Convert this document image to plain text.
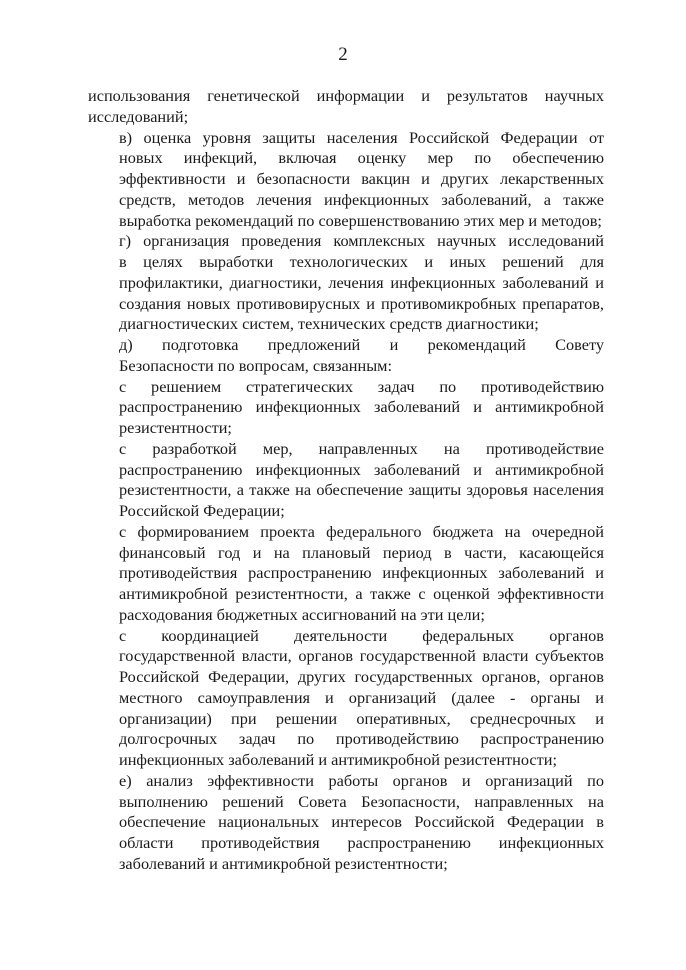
2

использования генетической информации и результатов научных
исследований;

в) оценка уровня защиты населения Российской Федерации от
новых инфекций, включая оценку мер по обеспечению
эффективности и безопасности вакцин и других лекарственных
средств, методов лечения инфекционных заболеваний, а также
выработка рекомендаций по совершенствованию этих мер и методов;

г) организация проведения комплексных научных исследований
в целях выработки технологических и иных решений для
профилактики, диагностики, лечения инфекционных заболеваний и
создания новых противовирусных и противомикробных препаратов,
диагностических систем, технических средств диагностики;

д) подготовка предложений и рекомендаций Совету
Безопасности по вопросам, связанным:

с решением стратегических задач по противодействию
распространению инфекционных заболеваний и антимикробной
резистентности;

с разработкой мер, направленных на противодействие
распространению инфекционных заболеваний и антимикробной
резистентности, а также на обеспечение защиты здоровья населения
Российской Федерации;

с формированием проекта федерального бюджета на очередной
финансовый год и на плановый период в части, касающейся
противодействия распространению инфекционных заболеваний и
антимикробной резистентности, а также с оценкой эффективности
расходования бюджетных ассигнований на эти цели;

с координацией деятельности федеральных органов
государственной власти, органов государственной власти субъектов
Российской Федерации, других государственных органов, органов
местного самоуправления и организаций (далее - органы и
организации) при решении оперативных, среднесрочных и
долгосрочных задач по противодействию распространению
инфекционных заболеваний и антимикробной резистентности;

е) анализ эффективности работы органов и организаций по
выполнению решений Совета Безопасности, направленных на
обеспечение национальных интересов Российской Федерации в
области противодействия распространению инфекционных
заболеваний и антимикробной резистентности;
